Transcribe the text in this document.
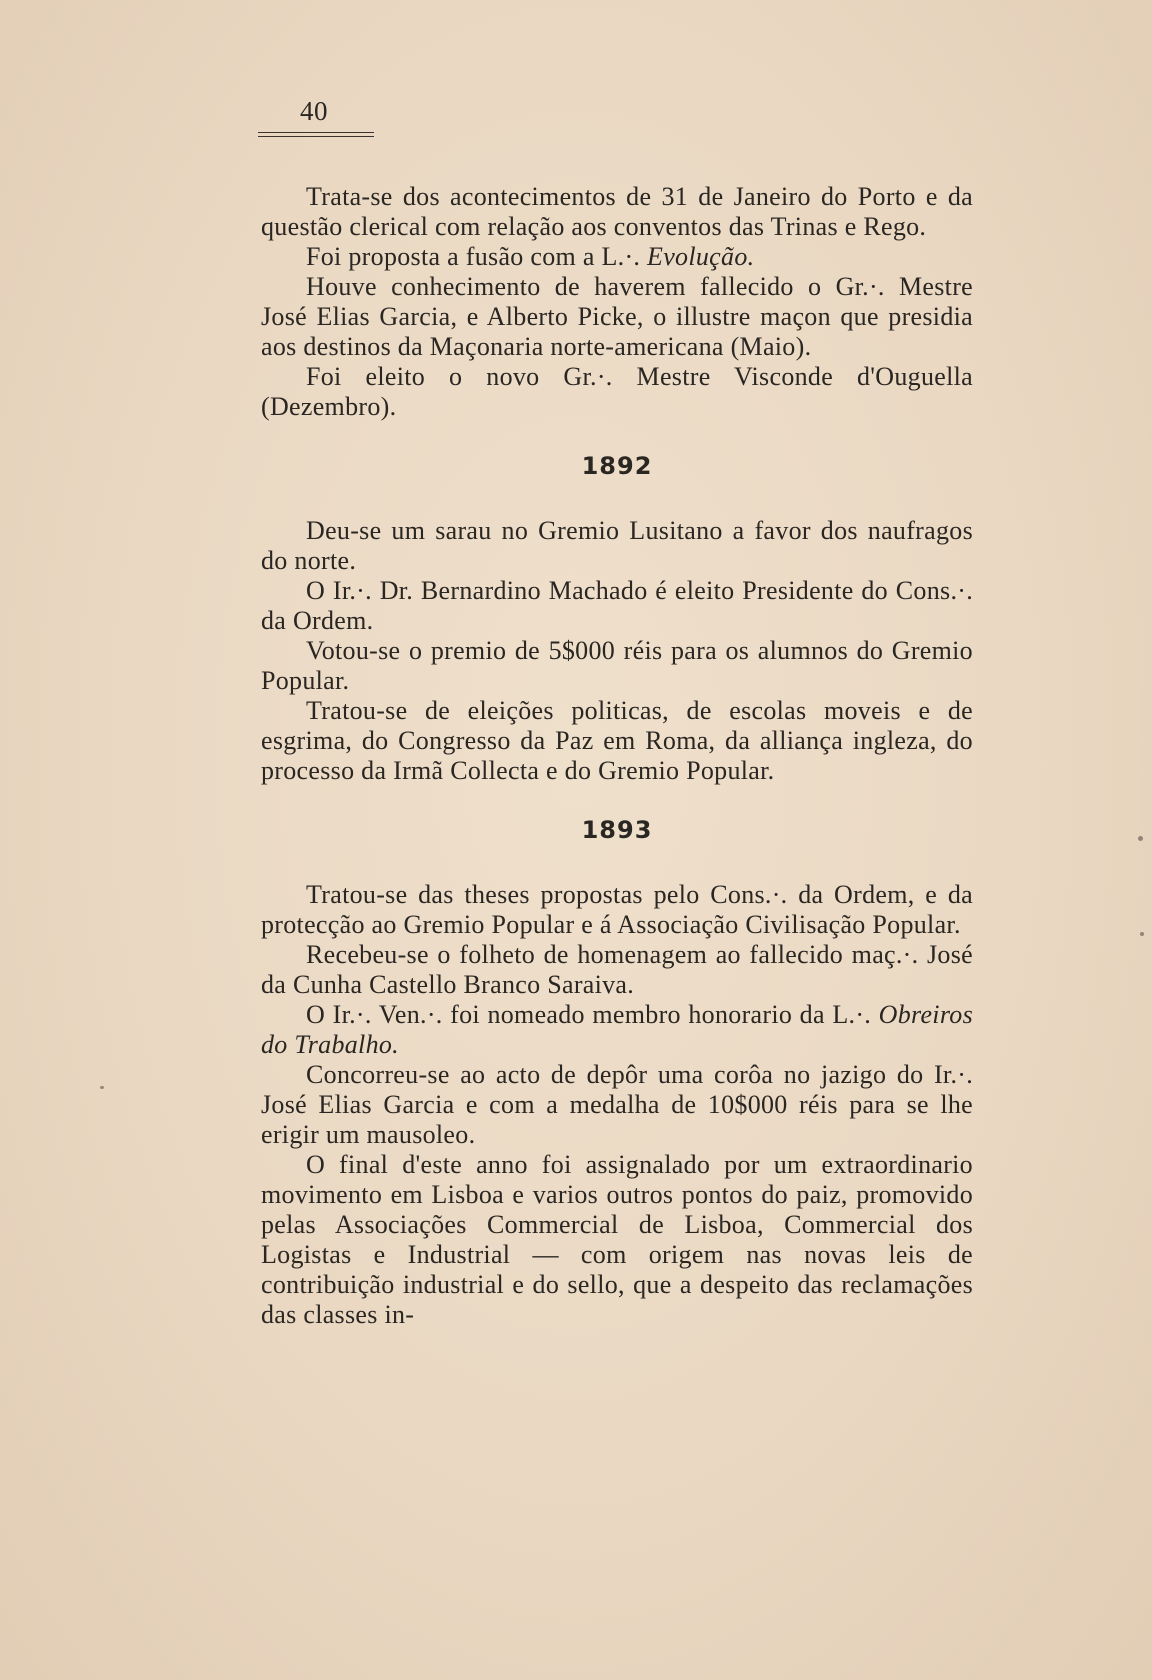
40

Trata-se dos acontecimentos de 31 de Janeiro do Porto e da questão clerical com relação aos conventos das Trinas e Rego.

Foi proposta a fusão com a L.·. Evolução.

Houve conhecimento de haverem fallecido o Gr.·. Mestre José Elias Garcia, e Alberto Picke, o illustre maçon que presidia aos destinos da Maçonaria norte-americana (Maio).

Foi eleito o novo Gr.·. Mestre Visconde d'Ouguella (Dezembro).

1892

Deu-se um sarau no Gremio Lusitano a favor dos naufragos do norte.

O Ir.·. Dr. Bernardino Machado é eleito Presidente do Cons.·. da Ordem.

Votou-se o premio de 5$000 réis para os alumnos do Gremio Popular.

Tratou-se de eleições politicas, de escolas moveis e de esgrima, do Congresso da Paz em Roma, da alliança ingleza, do processo da Irmã Collecta e do Gremio Popular.

1893

Tratou-se das theses propostas pelo Cons.·. da Ordem, e da protecção ao Gremio Popular e á Associação Civilisação Popular.

Recebeu-se o folheto de homenagem ao fallecido maç.·. José da Cunha Castello Branco Saraiva.

O Ir.·. Ven.·. foi nomeado membro honorario da L.·. Obreiros do Trabalho.

Concorreu-se ao acto de depôr uma corôa no jazigo do Ir.·. José Elias Garcia e com a medalha de 10$000 réis para se lhe erigir um mausoleo.

O final d'este anno foi assignalado por um extraordinario movimento em Lisboa e varios outros pontos do paiz, promovido pelas Associações Commercial de Lisboa, Commercial dos Logistas e Industrial — com origem nas novas leis de contribuição industrial e do sello, que a despeito das reclamações das classes in-
